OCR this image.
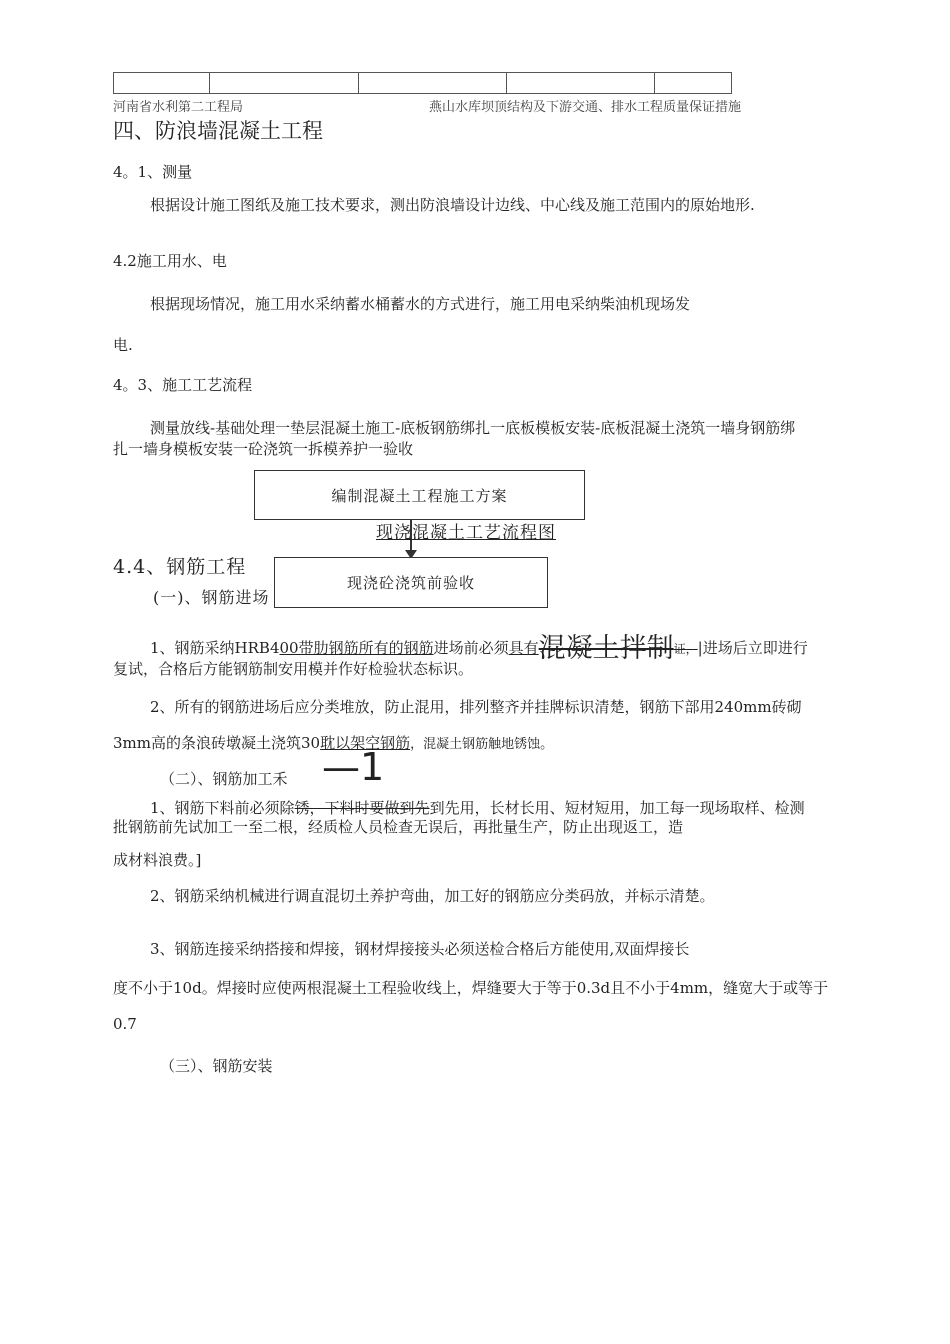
河南省水利第二工程局	燕山水库坝顶结构及下游交通、排水工程质量保证措施
四、防浪墙混凝土工程
4。1、测量
根据设计施工图纸及施工技术要求，测出防浪墙设计边线、中心线及施工范围内的原始地形.
4.2施工用水、电
根据现场情况，施工用水采纳蓄水桶蓄水的方式进行，施工用电采纳柴油机现场发
电.
4。3、施工工艺流程
测量放线-基础处理一垫层混凝土施工-底板钢筋绑扎一底板模板安装-底板混凝土浇筑一墙身钢筋绑
扎一墙身模板安装一砼浇筑一拆模养护一验收
编制混凝土工程施工方案
现浇混凝土工艺流程图
4.4、钢筋工程
(一)、钢筋进场
现浇砼浇筑前验收
1、钢筋采纳HRB400带肋钢筋所有的钢筋进场前必须具有混凝土拌制证，|进场后立即进行
复试，合格后方能钢筋制安用模并作好检验状态标识。
2、所有的钢筋进场后应分类堆放，防止混用，排列整齐并挂牌标识清楚，钢筋下部用240mm砖砌
3mm高的条浪砖墩凝土浇筑30耽以架空钢筋，混凝土钢筋触地锈蚀。
（二）、钢筋加工禾 —1
1、钢筋下料前必须除锈，下料时要做到先到先用，长材长用、短材短用，加工每一现场取样、检测
批钢筋前先试加工一至二根，经质检人员检查无误后，再批量生产，防止出现返工，造
成材料浪费。]
2、钢筋采纳机械进行调直混切土养护弯曲，加工好的钢筋应分类码放，并标示清楚。
3、钢筋连接采纳搭接和焊接，钢材焊接接头必须送检合格后方能使用,双面焊接长
度不小于10d。焊接时应使两根混凝土工程验收线上，焊缝要大于等于0.3d且不小于4mm，缝宽大于或等于
0.7
（三）、钢筋安装
